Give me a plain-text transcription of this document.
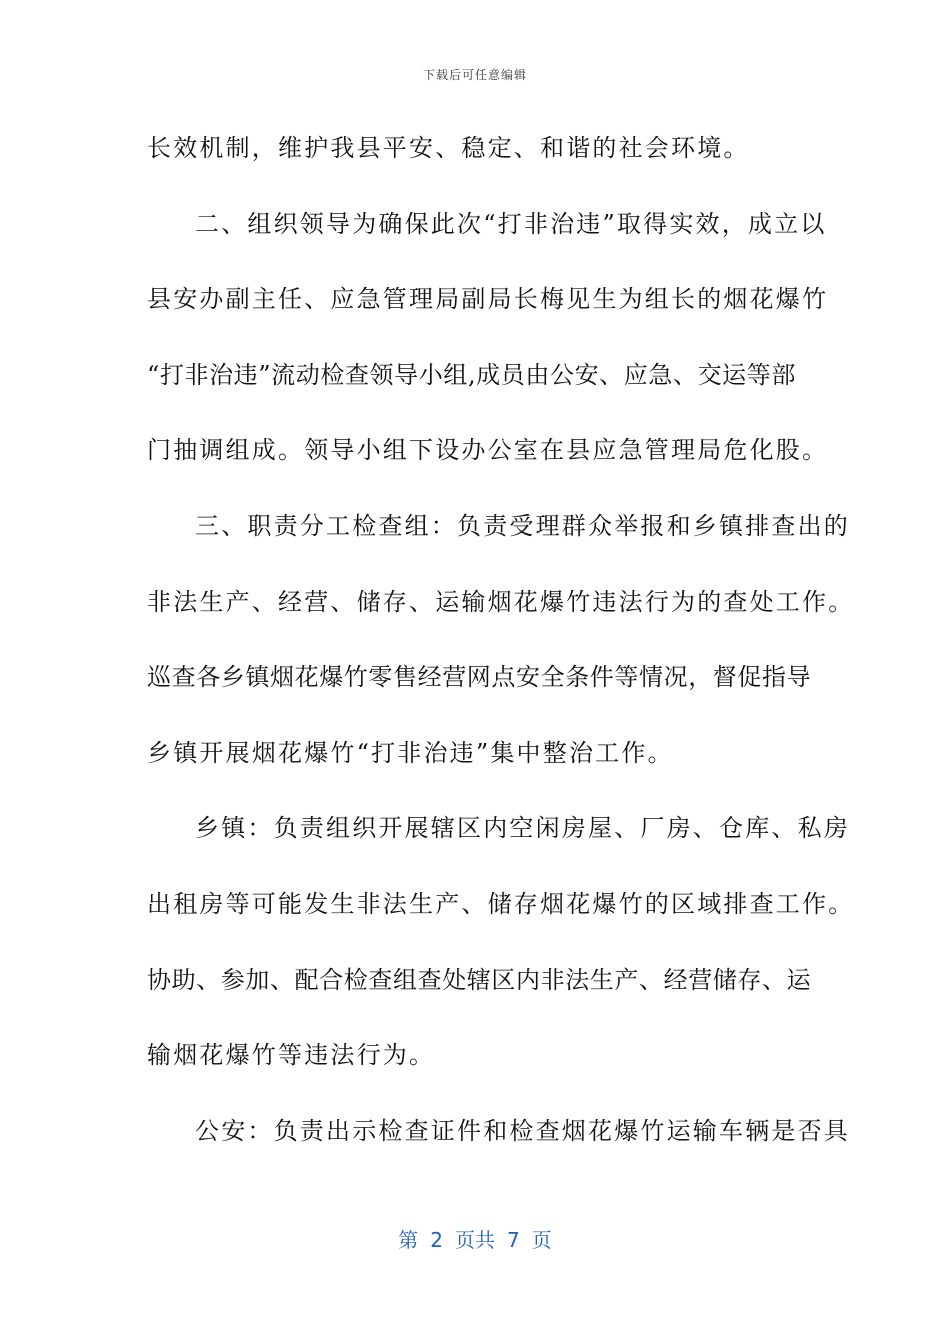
下载后可任意编辑
长效机制，维护我县平安、稳定、和谐的社会环境。
二、组织领导为确保此次“打非治违”取得实效，成立以
县安办副主任、应急管理局副局长梅见生为组长的烟花爆竹
“打非治违”流动检查领导小组,成员由公安、应急、交运等部
门抽调组成。领导小组下设办公室在县应急管理局危化股。
三、职责分工检查组：负责受理群众举报和乡镇排查出的
非法生产、经营、储存、运输烟花爆竹违法行为的查处工作。
巡查各乡镇烟花爆竹零售经营网点安全条件等情况，督促指导
乡镇开展烟花爆竹“打非治违”集中整治工作。
乡镇：负责组织开展辖区内空闲房屋、厂房、仓库、私房
出租房等可能发生非法生产、储存烟花爆竹的区域排查工作。
协助、参加、配合检查组查处辖区内非法生产、经营储存、运
输烟花爆竹等违法行为。
公安：负责出示检查证件和检查烟花爆竹运输车辆是否具
第 2 页共 7 页
